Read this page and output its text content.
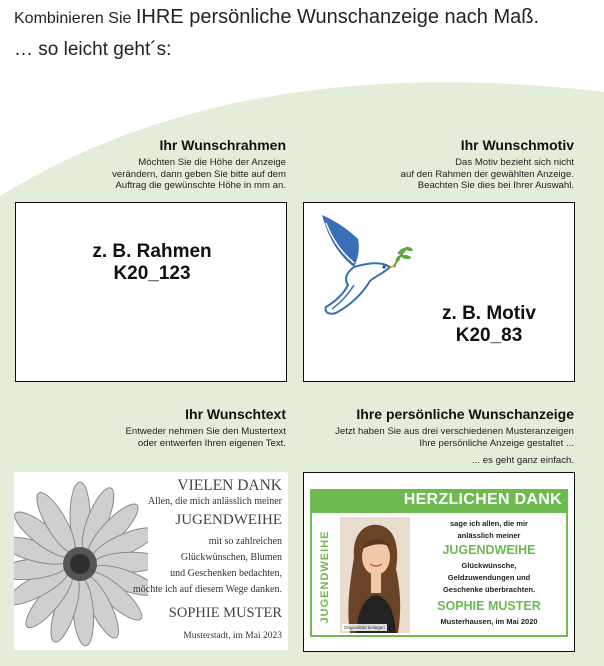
Kombinieren Sie IHRE persönliche Wunschanzeige nach Maß.
… so leicht geht´s:
Ihr Wunschrahmen

Möchten Sie die Höhe der Anzeige
verändern, dann geben Sie bitte auf dem
Auftrag die gewünschte Höhe in mm an.

Ihr Wunschmotiv

Das Motiv bezieht sich nicht
auf den Rahmen der gewählten Anzeige.
Beachten Sie dies bei Ihrer Auswahl.

z. B. Rahmen
K20_123
z. B. Motiv
K20_83
Ihr Wunschtext

Entweder nehmen Sie den Mustertext
oder entwerfen Ihren eigenen Text.

Ihre persönliche Wunschanzeige

Jetzt haben Sie aus drei verschiedenen Musteranzeigen
Ihre persönliche Anzeige gestaltet ...

... es geht ganz einfach.

VIELEN DANK
Allen, die mich anlässlich meiner
JUGENDWEIHE
mit so zahlreichen
Glückwünschen, Blumen
und Geschenken bedachten,
möchte ich auf diesem Wege danken.
SOPHIE MUSTER
Musterstadt, im Mai 2023
HERZLICHEN DANK
JUGENDWEIHE
Originalbild beliegen
sage ich allen, die mir
anlässlich meiner
JUGENDWEIHE
Glückwünsche,
Geldzuwendungen und
Geschenke überbrachten.
SOPHIE MUSTER
Musterhausen, im Mai 2020
